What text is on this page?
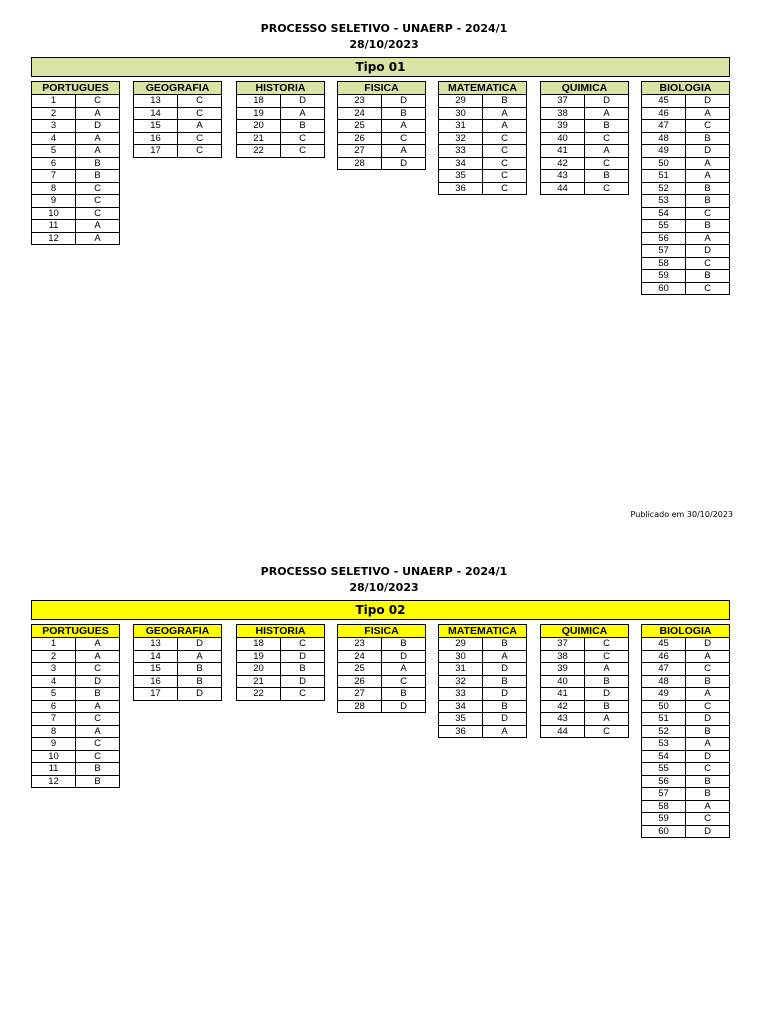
PROCESSO SELETIVO - UNAERP - 2024/1
28/10/2023
Tipo 01
PORTUGUES	
1	C
2	A
3	D
4	A
5	A
6	B
7	B
8	C
9	C
10	C
11	A
12	A
GEOGRAFIA	
13	C
14	C
15	A
16	C
17	C
HISTORIA	
18	D
19	A
20	B
21	C
22	C
FISICA	
23	D
24	B
25	A
26	C
27	A
28	D
MATEMATICA	
29	B
30	A
31	A
32	C
33	C
34	C
35	C
36	C
QUIMICA	
37	D
38	A
39	B
40	C
41	A
42	C
43	B
44	C
BIOLOGIA	
45	D
46	A
47	C
48	B
49	D
50	A
51	A
52	B
53	B
54	C
55	B
56	A
57	D
58	C
59	B
60	C
Publicado em 30/10/2023
PROCESSO SELETIVO - UNAERP - 2024/1
28/10/2023
Tipo 02
PORTUGUES	
1	A
2	A
3	C
4	D
5	B
6	A
7	C
8	A
9	C
10	C
11	B
12	B
GEOGRAFIA	
13	D
14	A
15	B
16	B
17	D
HISTORIA	
18	C
19	D
20	B
21	D
22	C
FISICA	
23	B
24	D
25	A
26	C
27	B
28	D
MATEMATICA	
29	B
30	A
31	D
32	B
33	D
34	B
35	D
36	A
QUIMICA	
37	C
38	C
39	A
40	B
41	D
42	B
43	A
44	C
BIOLOGIA	
45	D
46	A
47	C
48	B
49	A
50	C
51	D
52	B
53	A
54	D
55	C
56	B
57	B
58	A
59	C
60	D
